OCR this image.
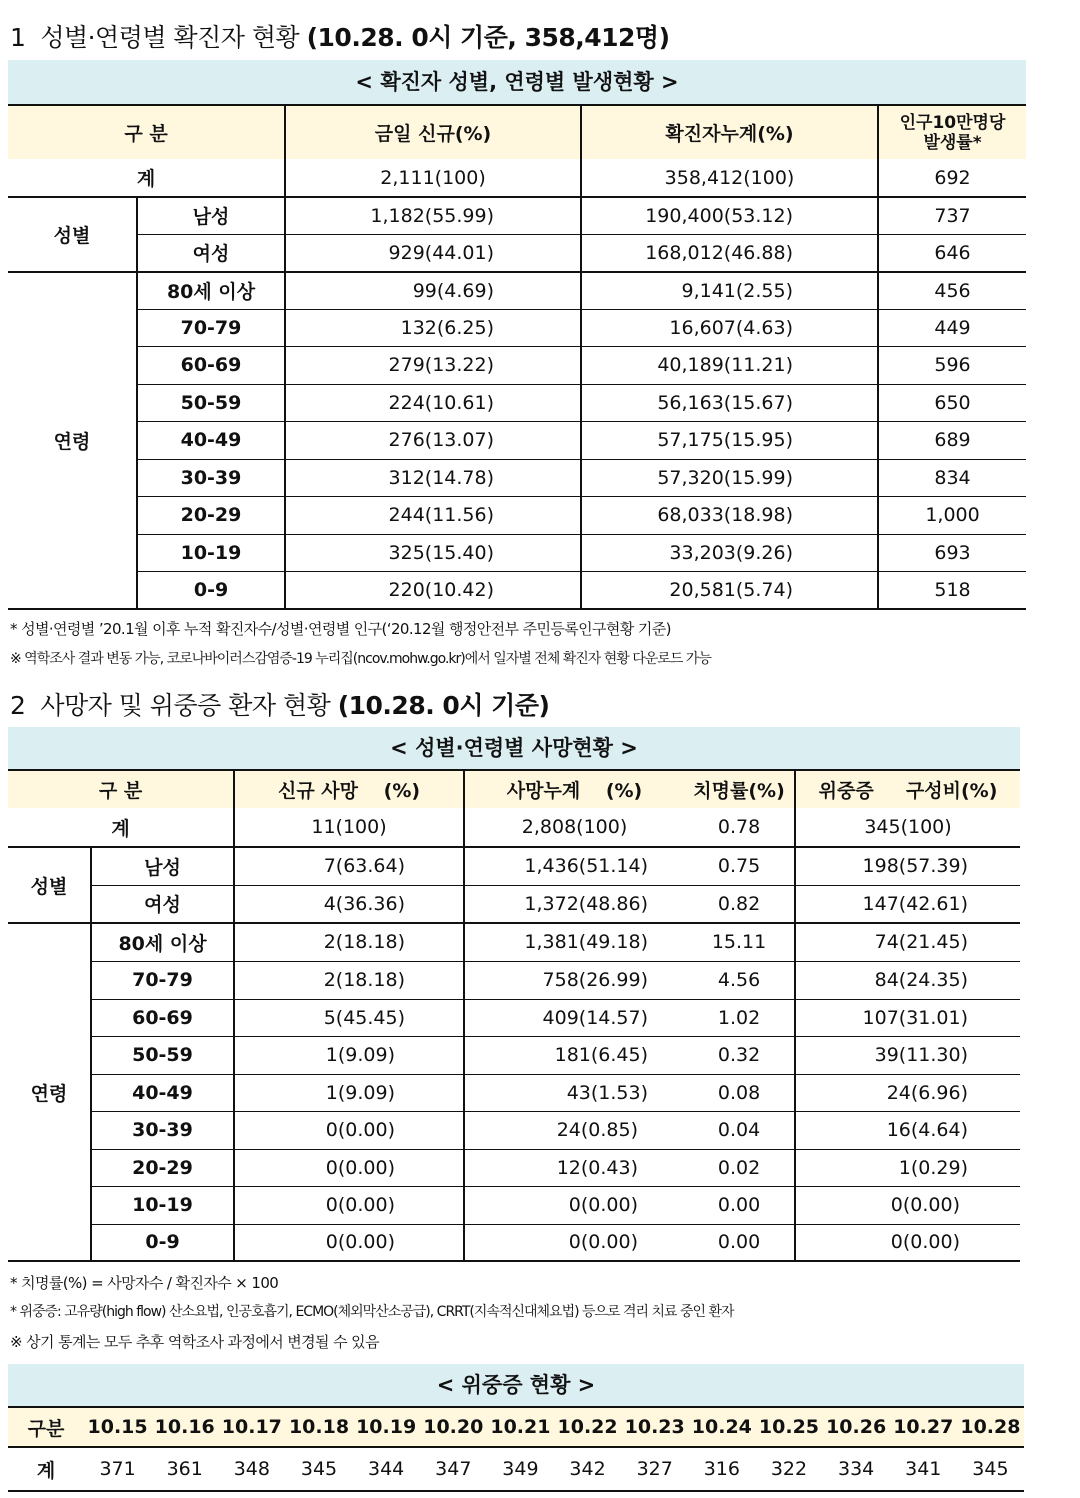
1 성별·연령별 확진자 현황 (10.28. 0시 기준, 358,412명)
< 확진자 성별, 연령별 발생현황 >
구 분		금일 신규(%)	확진자누계(%)	인구10만명당
발생률*

계		2,111(100)	358,412(100)	692
성별	남성	1,182(55.99)	190,400(53.12)	737
	여성	929(44.01)	168,012(46.88)	646
연령	80세 이상	99(4.69)	9,141(2.55)	456
	70-79	132(6.25)	16,607(4.63)	449
	60-69	279(13.22)	40,189(11.21)	596
	50-59	224(10.61)	56,163(15.67)	650
	40-49	276(13.07)	57,175(15.95)	689
	30-39	312(14.78)	57,320(15.99)	834
	20-29	244(11.56)	68,033(18.98)	1,000
	10-19	325(15.40)	33,203(9.26)	693
	0-9	220(10.42)	20,581(5.74)	518
* 성별·연령별 ’20.1월 이후 누적 확진자수/성별·연령별 인구(‘20.12월 행정안전부 주민등록인구현황 기준)
※ 역학조사 결과 변동 가능, 코로나바이러스감염증-19 누리집(ncov.mohw.go.kr)에서 일자별 전체 확진자 현황 다운로드 가능
2 사망자 및 위중증 환자 현황 (10.28. 0시 기준)
< 성별·연령별 사망현황 >
구 분		신규 사망 　(%)	사망누계 　(%)	치명률(%)	위중증 　 구성비(%)
계		11(100)	2,808(100)	0.78	345(100)
성별	남성	7(63.64)	1,436(51.14)	0.75	198(57.39)
	여성	4(36.36)	1,372(48.86)	0.82	147(42.61)
연령	80세 이상	2(18.18)	1,381(49.18)	15.11	74(21.45)
	70-79	2(18.18)	758(26.99)	4.56	84(24.35)
	60-69	5(45.45)	409(14.57)	1.02	107(31.01)
	50-59	1(9.09)	181(6.45)	0.32	39(11.30)
	40-49	1(9.09)	43(1.53)	0.08	24(6.96)
	30-39	0(0.00)	24(0.85)	0.04	16(4.64)
	20-29	0(0.00)	12(0.43)	0.02	1(0.29)
	10-19	0(0.00)	0(0.00)	0.00	0(0.00)
	0-9	0(0.00)	0(0.00)	0.00	0(0.00)
* 치명률(%) = 사망자수 / 확진자수 × 100
* 위중증: 고유량(high flow) 산소요법, 인공호흡기, ECMO(체외막산소공급), CRRT(지속적신대체요법) 등으로 격리 치료 중인 환자
※ 상기 통계는 모두 추후 역학조사 과정에서 변경될 수 있음
< 위중증 현황 >
구분	10.15	10.16	10.17	10.18	10.19	10.20	10.21	10.22	10.23	10.24	10.25	10.26	10.27	10.28
계	371	361	348	345	344	347	349	342	327	316	322	334	341	345
